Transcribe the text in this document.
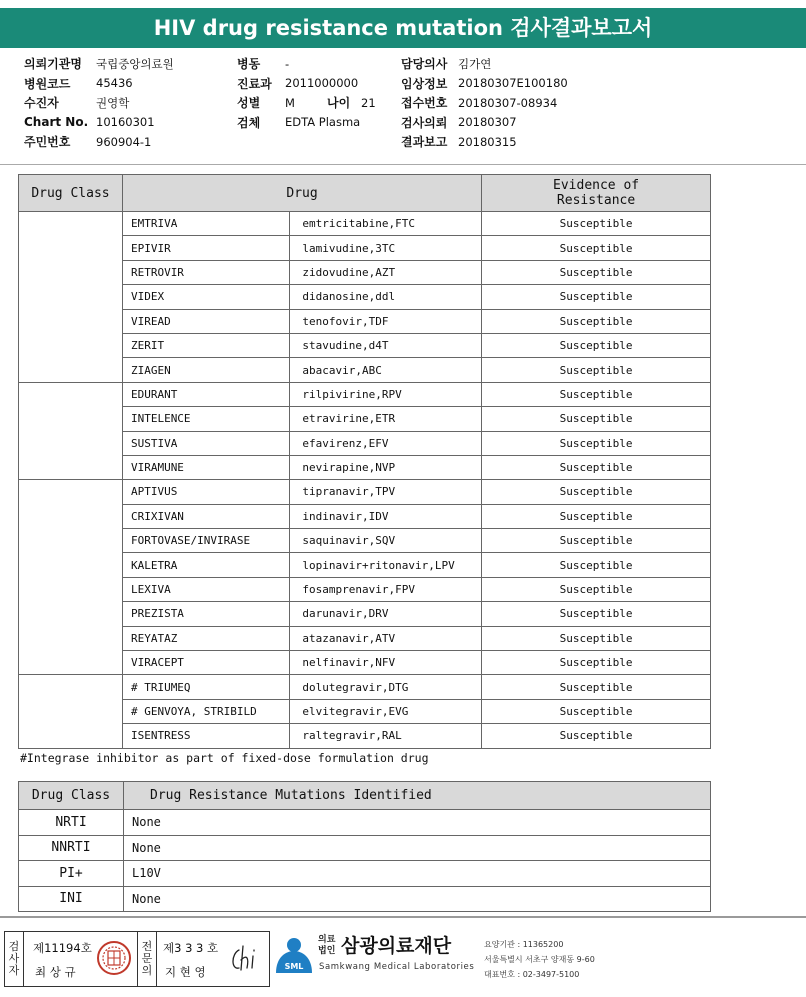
HIV drug resistance mutation 검사결과보고서
의뢰기관명	국립중앙의료원
병원코드	45436
수진자	권영학
Chart No. 10160301
주민번호	960904-1
병동	-
진료과	2011000000
성별	M	나이 21
검체	EDTA Plasma
담당의사 김가연
임상정보 20180307E100180
접수번호 20180307-08934
검사의뢰 20180307
결과보고 20180315
Drug Class	Drug		Evidence of
Resistance
	EMTRIVA	emtricitabine,FTC	Susceptible
	EPIVIR	lamivudine,3TC	Susceptible
	RETROVIR	zidovudine,AZT	Susceptible
	VIDEX	didanosine,ddl	Susceptible
	VIREAD	tenofovir,TDF	Susceptible
	ZERIT	stavudine,d4T	Susceptible
	ZIAGEN	abacavir,ABC	Susceptible
	EDURANT	rilpivirine,RPV	Susceptible
	INTELENCE	etravirine,ETR	Susceptible
	SUSTIVA	efavirenz,EFV	Susceptible
	VIRAMUNE	nevirapine,NVP	Susceptible
	APTIVUS	tipranavir,TPV	Susceptible
	CRIXIVAN	indinavir,IDV	Susceptible
	FORTOVASE/INVIRASE	saquinavir,SQV	Susceptible
	KALETRA	lopinavir+ritonavir,LPV	Susceptible
	LEXIVA	fosamprenavir,FPV	Susceptible
	PREZISTA	darunavir,DRV	Susceptible
	REYATAZ	atazanavir,ATV	Susceptible
	VIRACEPT	nelfinavir,NFV	Susceptible
	# TRIUMEQ	dolutegravir,DTG	Susceptible
	# GENVOYA, STRIBILD	elvitegravir,EVG	Susceptible
	ISENTRESS	raltegravir,RAL	Susceptible
#Integrase inhibitor as part of fixed-dose formulation drug
Drug Class	Drug Resistance Mutations Identified
NRTI	None
NNRTI	None
PI+	L10V
INI	None
검
사
자
제11194호
최 상 규
전
문
의
제3 3 3 호
지 현 영	SML
의료
법인 삼광의료재단
Samkwang Medical Laboratories
요양기관 : 11365200
서울특별시 서초구 양재동 9-60
대표번호 : 02-3497-5100
